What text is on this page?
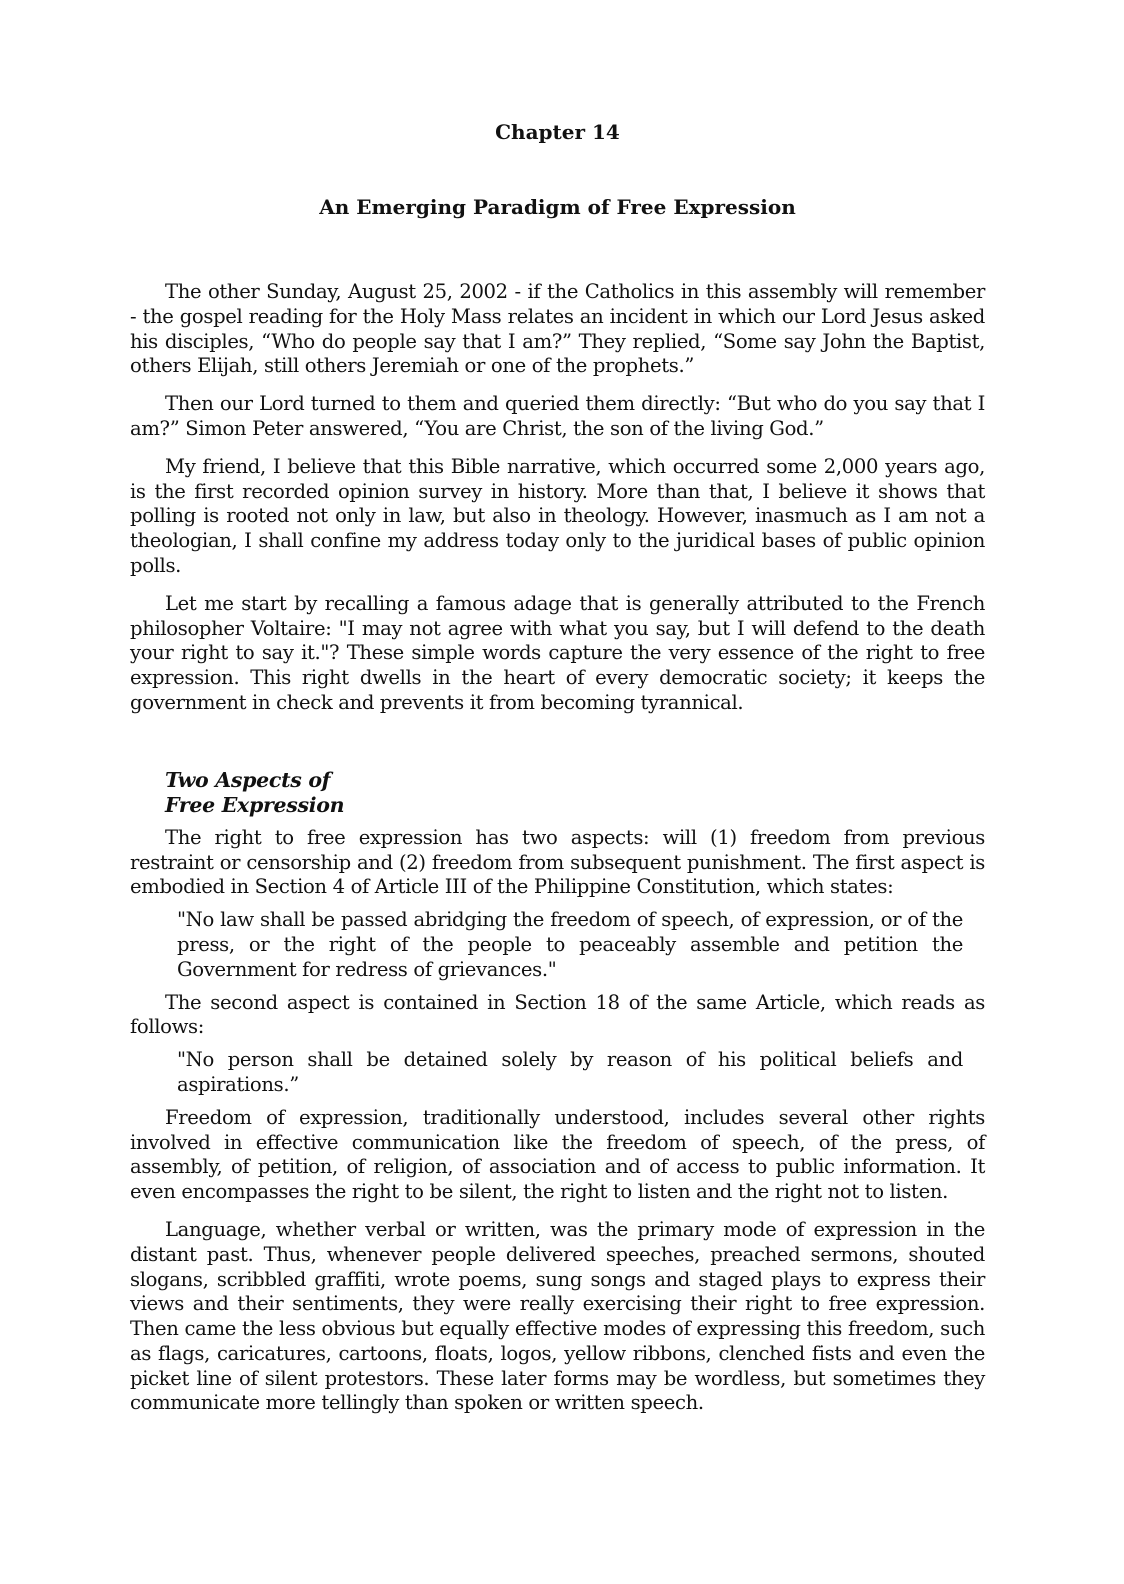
Chapter 14
An Emerging Paradigm of Free Expression

The other Sunday, August 25, 2002 - if the Catholics in this assembly will remember - the gospel reading for the Holy Mass relates an incident in which our Lord Jesus asked his disciples, “Who do people say that I am?” They replied, “Some say John the Baptist, others Elijah, still others Jeremiah or one of the prophets.”

Then our Lord turned to them and queried them directly: “But who do you say that I am?” Simon Peter answered, “You are Christ, the son of the living God.”

My friend, I believe that this Bible narrative, which occurred some 2,000 years ago, is the first recorded opinion survey in history. More than that, I believe it shows that polling is rooted not only in law, but also in theology. However, inasmuch as I am not a theologian, I shall confine my address today only to the juridical bases of public opinion polls.

Let me start by recalling a famous adage that is generally attributed to the French philosopher Voltaire: "I may not agree with what you say, but I will defend to the death your right to say it."? These simple words capture the very essence of the right to free expression. This right dwells in the heart of every democratic society; it keeps the government in check and prevents it from becoming tyrannical.

Two Aspects of
Free Expression

The right to free expression has two aspects: will (1) freedom from previous restraint or censorship and (2) freedom from subsequent punishment. The first aspect is embodied in Section 4 of Article III of the Philippine Constitution, which states:

"No law shall be passed abridging the freedom of speech, of expression, or of the press, or the right of the people to peaceably assemble and petition the Government for redress of grievances."

The second aspect is contained in Section 18 of the same Article, which reads as follows:

"No person shall be detained solely by reason of his political beliefs and aspirations.”

Freedom of expression, traditionally understood, includes several other rights involved in effective communication like the freedom of speech, of the press, of assembly, of petition, of religion, of association and of access to public information. It even encompasses the right to be silent, the right to listen and the right not to listen.

Language, whether verbal or written, was the primary mode of expression in the distant past. Thus, whenever people delivered speeches, preached sermons, shouted slogans, scribbled graffiti, wrote poems, sung songs and staged plays to express their views and their sentiments, they were really exercising their right to free expression. Then came the less obvious but equally effective modes of expressing this freedom, such as flags, caricatures, cartoons, floats, logos, yellow ribbons, clenched fists and even the picket line of silent protestors. These later forms may be wordless, but sometimes they communicate more tellingly than spoken or written speech.
